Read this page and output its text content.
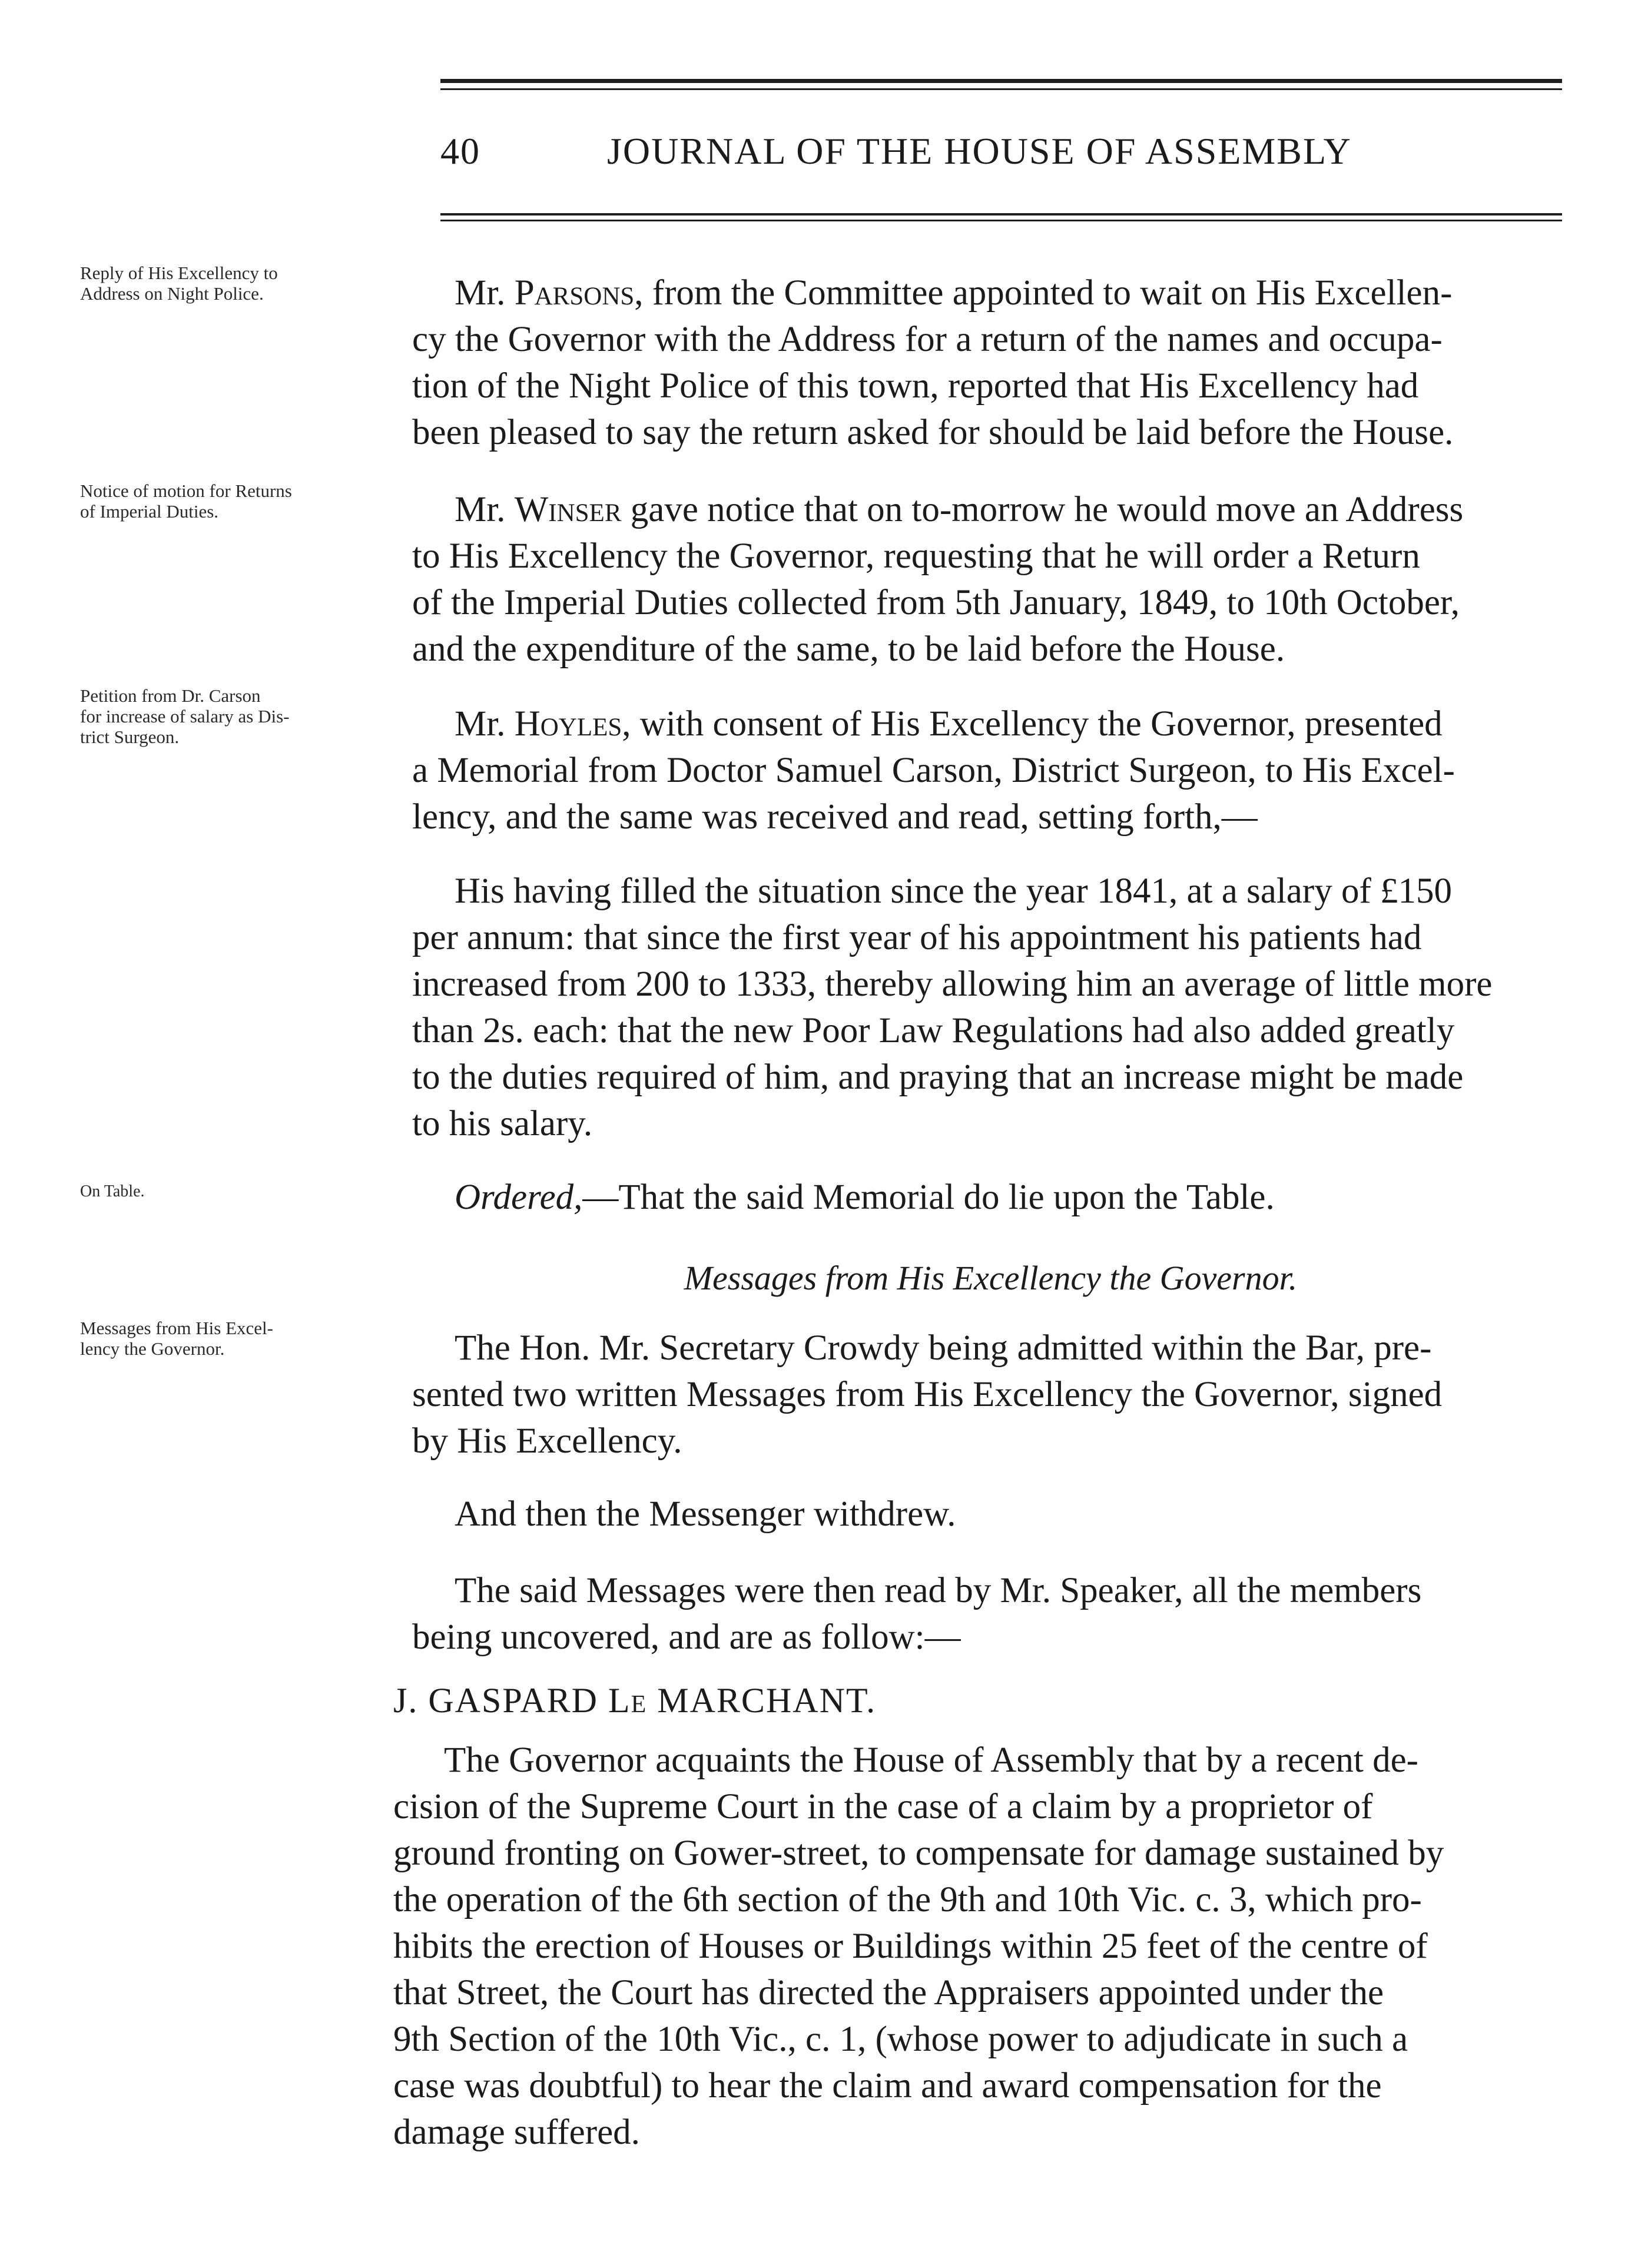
40	JOURNAL OF THE HOUSE OF ASSEMBLY
Reply of His Excellency to
Address on Night Police.
Notice of motion for Returns
of Imperial Duties.
Petition from Dr. Carson
for increase of salary as Dis-
trict Surgeon.
On Table.
Messages from His Excel-
lency the Governor.
Mr. Parsons, from the Committee appointed to wait on His Excellen-
cy the Governor with the Address for a return of the names and occupa-
tion of the Night Police of this town, reported that His Excellency had
been pleased to say the return asked for should be laid before the House.
Mr. Winser gave notice that on to-morrow he would move an Address
to His Excellency the Governor, requesting that he will order a Return
of the Imperial Duties collected from 5th January, 1849, to 10th October,
and the expenditure of the same, to be laid before the House.
Mr. Hoyles, with consent of His Excellency the Governor, presented
a Memorial from Doctor Samuel Carson, District Surgeon, to His Excel-
lency, and the same was received and read, setting forth,—
His having filled the situation since the year 1841, at a salary of £150
per annum: that since the first year of his appointment his patients had
increased from 200 to 1333, thereby allowing him an average of little more
than 2s. each: that the new Poor Law Regulations had also added greatly
to the duties required of him, and praying that an increase might be made
to his salary.
Ordered,—That the said Memorial do lie upon the Table.
Messages from His Excellency the Governor.
The Hon. Mr. Secretary Crowdy being admitted within the Bar, pre-
sented two written Messages from His Excellency the Governor, signed
by His Excellency.
And then the Messenger withdrew.
The said Messages were then read by Mr. Speaker, all the members
being uncovered, and are as follow:—
J. GASPARD Le MARCHANT.
The Governor acquaints the House of Assembly that by a recent de-
cision of the Supreme Court in the case of a claim by a proprietor of
ground fronting on Gower-street, to compensate for damage sustained by
the operation of the 6th section of the 9th and 10th Vic. c. 3, which pro-
hibits the erection of Houses or Buildings within 25 feet of the centre of
that Street, the Court has directed the Appraisers appointed under the
9th Section of the 10th Vic., c. 1, (whose power to adjudicate in such a
case was doubtful) to hear the claim and award compensation for the
damage suffered.
